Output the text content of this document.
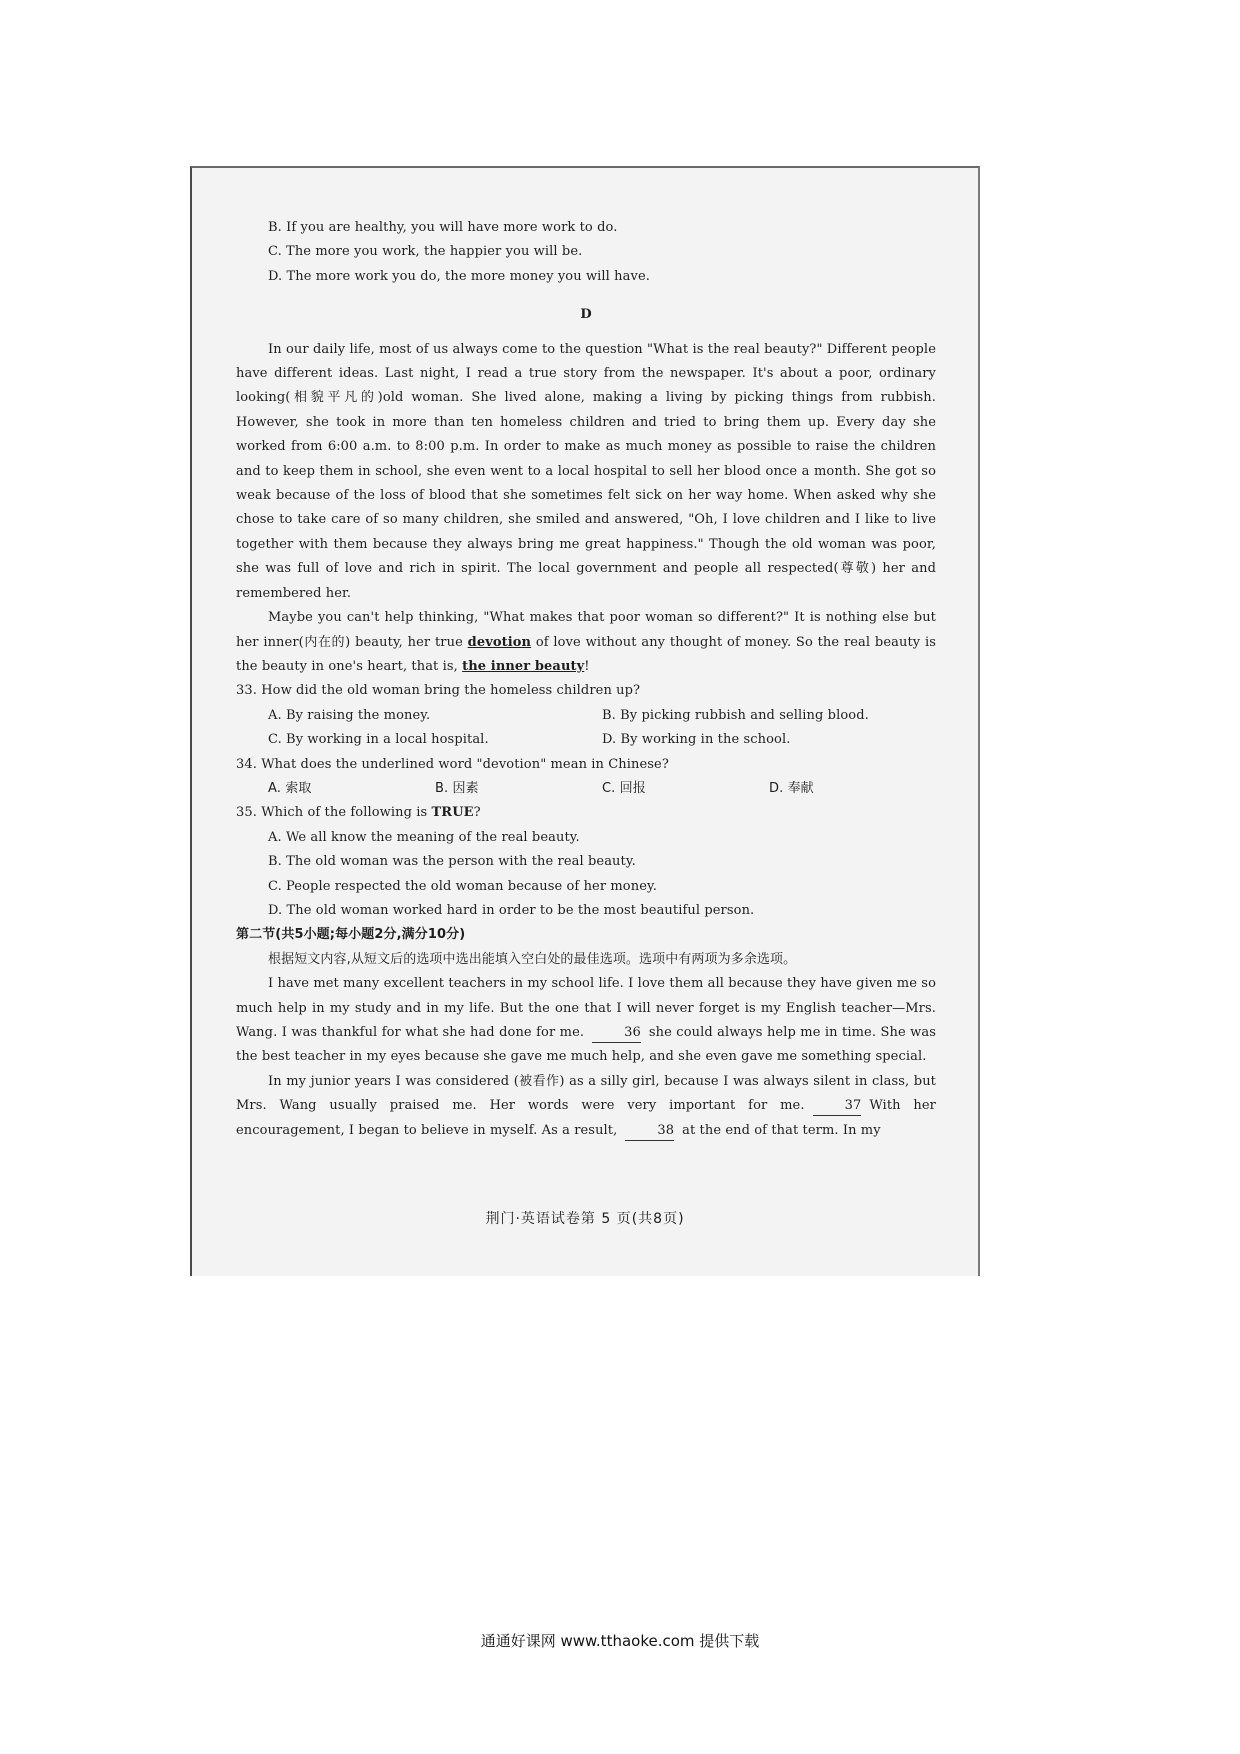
B. If you are healthy, you will have more work to do.
C. The more you work, the happier you will be.
D. The more work you do, the more money you will have.
D

In our daily life, most of us always come to the question "What is the real beauty?" Different people have different ideas. Last night, I read a true story from the newspaper. It's about a poor, ordinary looking(相貌平凡的)old woman. She lived alone, making a living by picking things from rubbish. However, she took in more than ten homeless children and tried to bring them up. Every day she worked from 6:00 a.m. to 8:00 p.m. In order to make as much money as possible to raise the children and to keep them in school, she even went to a local hospital to sell her blood once a month. She got so weak because of the loss of blood that she sometimes felt sick on her way home. When asked why she chose to take care of so many children, she smiled and answered, "Oh, I love children and I like to live together with them because they always bring me great happiness." Though the old woman was poor, she was full of love and rich in spirit. The local government and people all respected(尊敬) her and remembered her.

Maybe you can't help thinking, "What makes that poor woman so different?" It is nothing else but her inner(内在的) beauty, her true devotion of love without any thought of money. So the real beauty is the beauty in one's heart, that is, the inner beauty!

33. How did the old woman bring the homeless children up?
A. By raising the money.	B. By picking rubbish and selling blood.
C. By working in a local hospital.	D. By working in the school.
34. What does the underlined word "devotion" mean in Chinese?
A. 索取	B. 因素	C. 回报	D. 奉献
35. Which of the following is TRUE?
A. We all know the meaning of the real beauty.
B. The old woman was the person with the real beauty.
C. People respected the old woman because of her money.
D. The old woman worked hard in order to be the most beautiful person.
第二节(共5小题;每小题2分,满分10分)

根据短文内容,从短文后的选项中选出能填入空白处的最佳选项。选项中有两项为多余选项。

I have met many excellent teachers in my school life. I love them all because they have given me so much help in my study and in my life. But the one that I will never forget is my English teacher—Mrs. Wang. I was thankful for what she had done for me.	36 she could always help me in time. She was the best teacher in my eyes because she gave me much help, and she even gave me something special.

In my junior years I was considered (被看作) as a silly girl, because I was always silent in class, but Mrs. Wang usually praised me. Her words were very important for me.	37 With her encouragement, I began to believe in myself. As a result,	38 at the end of that term. In my

荆门·英语试卷第 5 页(共8页)
通通好课网 www.tthaoke.com 提供下载
